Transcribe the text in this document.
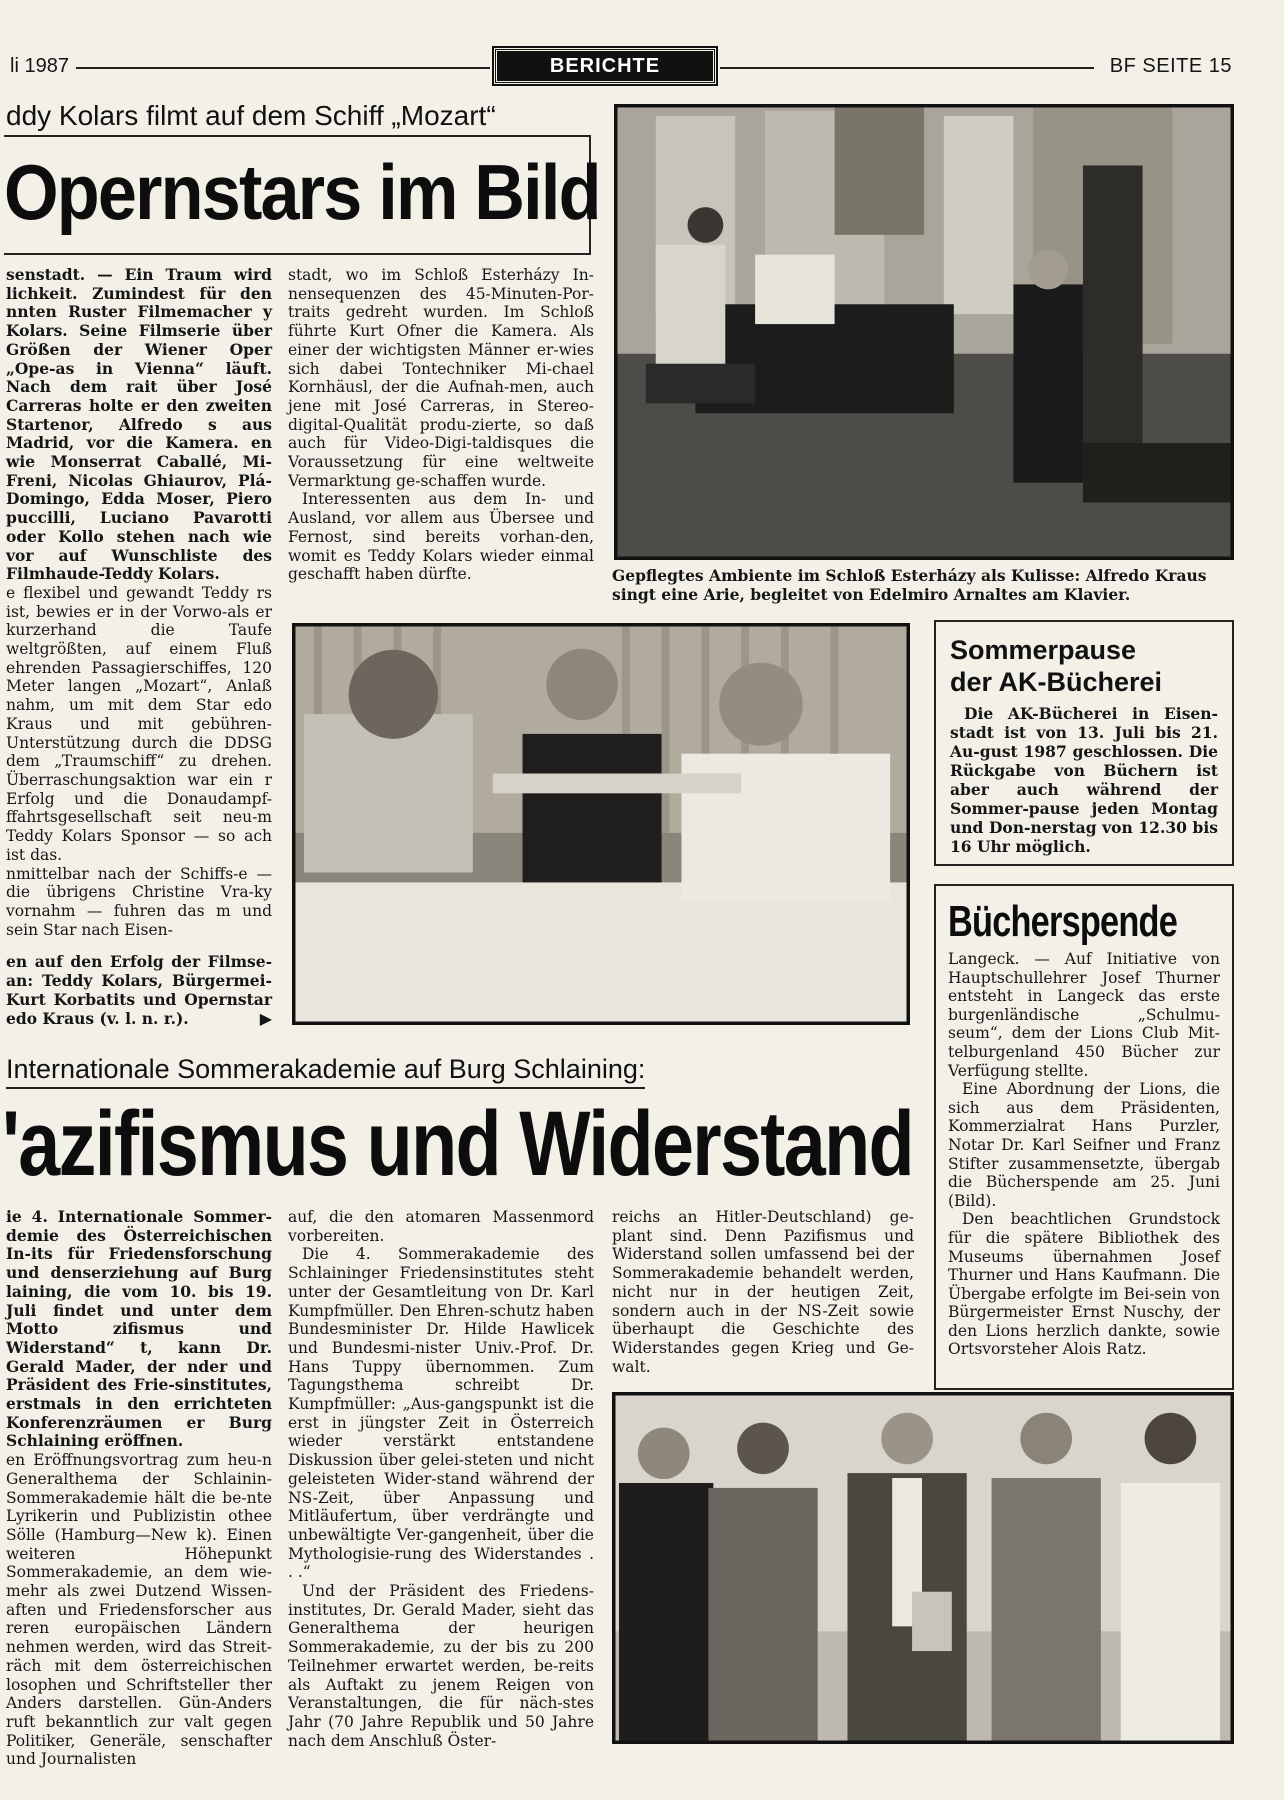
li 1987	BERICHTE	BF SEITE 15
ddy Kolars filmt auf dem Schiff „Mozart“
Opernstars im Bild

senstadt. — Ein Traum wird lichkeit. Zumindest für den nnten Ruster Filmemacher y Kolars. Seine Filmserie über Größen der Wiener Oper „Ope-as in Vienna“ läuft. Nach dem rait über José Carreras holte er den zweiten Startenor, Alfredo s aus Madrid, vor die Kamera. en wie Monserrat Caballé, Mi-Freni, Nicolas Ghiaurov, Plá-Domingo, Edda Moser, Piero puccilli, Luciano Pavarotti oder Kollo stehen nach wie vor auf Wunschliste des Filmhaude-Teddy Kolars.

e flexibel und gewandt Teddy rs ist, bewies er in der Vorwo-als er kurzerhand die Taufe weltgrößten, auf einem Fluß ehrenden Passagierschiffes, 120 Meter langen „Mozart“, Anlaß nahm, um mit dem Star edo Kraus und mit gebühren-Unterstützung durch die DDSG dem „Traumschiff“ zu drehen. Überraschungsaktion war ein r Erfolg und die Donaudampf-ffahrtsgesellschaft seit neu-m Teddy Kolars Sponsor — so ach ist das.

nmittelbar nach der Schiffs-e — die übrigens Christine Vra-ky vornahm — fuhren das m und sein Star nach Eisen-

stadt, wo im Schloß Esterházy In-nensequenzen des 45-Minuten-Por-traits gedreht wurden. Im Schloß führte Kurt Ofner die Kamera. Als einer der wichtigsten Männer er-wies sich dabei Tontechniker Mi-chael Kornhäusl, der die Aufnah-men, auch jene mit José Carreras, in Stereo-digital-Qualität produ-zierte, so daß auch für Video-Digi-taldisques die Voraussetzung für eine weltweite Vermarktung ge-schaffen wurde.

Interessenten aus dem In- und Ausland, vor allem aus Übersee und Fernost, sind bereits vorhan-den, womit es Teddy Kolars wieder einmal geschafft haben dürfte.	Gepflegtes Ambiente im Schloß Esterházy als Kulisse: Alfredo Kraus singt eine Arie, begleitet von Edelmiro Arnaltes am Klavier.
en auf den Erfolg der Filmse-an: Teddy Kolars, Bürgermei-Kurt Korbatits und Opernstar edo Kraus (v. l. n. r.).	▶
Sommerpause
der AK-Bücherei
Die AK-Bücherei in Eisen-stadt ist von 13. Juli bis 21. Au-gust 1987 geschlossen. Die Rückgabe von Büchern ist aber auch während der Sommer-pause jeden Montag und Don-nerstag von 12.30 bis 16 Uhr möglich.
Bücherspende

Langeck. — Auf Initiative von Hauptschullehrer Josef Thurner entsteht in Langeck das erste burgenländische „Schulmu-seum“, dem der Lions Club Mit-telburgenland 450 Bücher zur Verfügung stellte.

Eine Abordnung der Lions, die sich aus dem Präsidenten, Kommerzialrat Hans Purzler, Notar Dr. Karl Seifner und Franz Stifter zusammensetzte, übergab die Bücherspende am 25. Juni (Bild).

Den beachtlichen Grundstock für die spätere Bibliothek des Museums übernahmen Josef Thurner und Hans Kaufmann. Die Übergabe erfolgte im Bei-sein von Bürgermeister Ernst Nuschy, der den Lions herzlich dankte, sowie Ortsvorsteher Alois Ratz.

Internationale Sommerakademie auf Burg Schlaining:
'azifismus und Widerstand

ie 4. Internationale Sommer-demie des Österreichischen In-its für Friedensforschung und denserziehung auf Burg laining, die vom 10. bis 19. Juli findet und unter dem Motto zifismus und Widerstand“ t, kann Dr. Gerald Mader, der nder und Präsident des Frie-sinstitutes, erstmals in den errichteten Konferenzräumen er Burg Schlaining eröffnen.

en Eröffnungsvortrag zum heu-n Generalthema der Schlainin-Sommerakademie hält die be-nte Lyrikerin und Publizistin othee Sölle (Hamburg—New k). Einen weiteren Höhepunkt Sommerakademie, an dem wie-mehr als zwei Dutzend Wissen-aften und Friedensforscher aus reren europäischen Ländern nehmen werden, wird das Streit-räch mit dem österreichischen losophen und Schriftsteller ther Anders darstellen. Gün-Anders ruft bekanntlich zur valt gegen Politiker, Generäle, senschafter und Journalisten

auf, die den atomaren Massenmord vorbereiten.

Die 4. Sommerakademie des Schlaininger Friedensinstitutes steht unter der Gesamtleitung von Dr. Karl Kumpfmüller. Den Ehren-schutz haben Bundesminister Dr. Hilde Hawlicek und Bundesmi-nister Univ.-Prof. Dr. Hans Tuppy übernommen. Zum Tagungsthema schreibt Dr. Kumpfmüller: „Aus-gangspunkt ist die erst in jüngster Zeit in Österreich wieder verstärkt entstandene Diskussion über gelei-steten und nicht geleisteten Wider-stand während der NS-Zeit, über Anpassung und Mitläufertum, über verdrängte und unbewältigte Ver-gangenheit, über die Mythologisie-rung des Widerstandes . . .“

Und der Präsident des Friedens-institutes, Dr. Gerald Mader, sieht das Generalthema der heurigen Sommerakademie, zu der bis zu 200 Teilnehmer erwartet werden, be-reits als Auftakt zu jenem Reigen von Veranstaltungen, die für näch-stes Jahr (70 Jahre Republik und 50 Jahre nach dem Anschluß Öster-

reichs an Hitler-Deutschland) ge-plant sind. Denn Pazifismus und Widerstand sollen umfassend bei der Sommerakademie behandelt werden, nicht nur in der heutigen Zeit, sondern auch in der NS-Zeit sowie überhaupt die Geschichte des Widerstandes gegen Krieg und Ge-walt.
